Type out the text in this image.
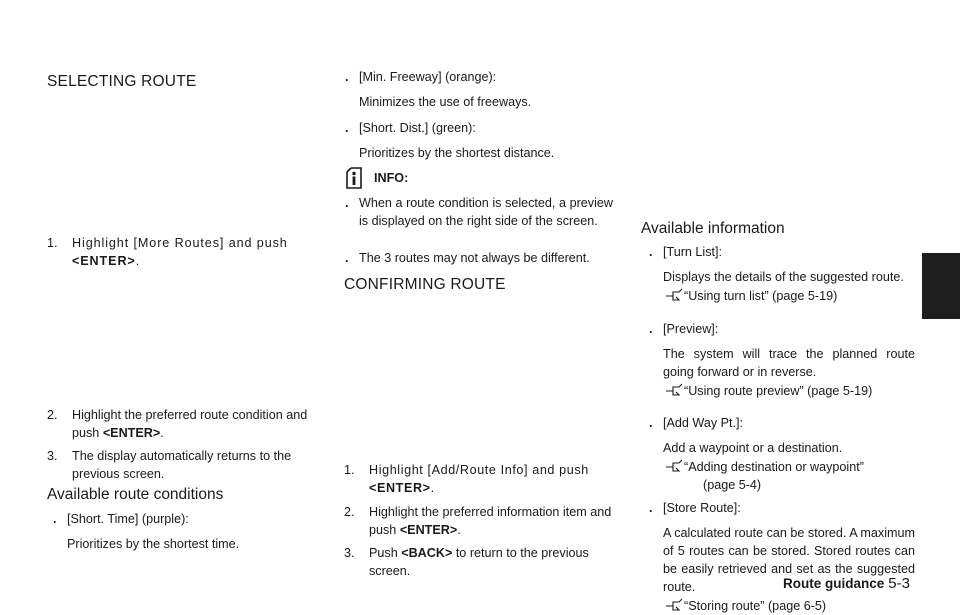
SELECTING ROUTE
1. Highlight [More Routes] and push <ENTER>.
2. Highlight the preferred route condition and push <ENTER>.
3. The display automatically returns to the previous screen.
Available route conditions
. [Short. Time] (purple):
Prioritizes by the shortest time.
. [Min. Freeway] (orange):
Minimizes the use of freeways.
. [Short. Dist.] (green):
Prioritizes by the shortest distance.
INFO:
. When a route condition is selected, a preview is displayed on the right side of the screen.
. The 3 routes may not always be different.
CONFIRMING ROUTE
1. Highlight [Add/Route Info] and push <ENTER>.
2. Highlight the preferred information item and push <ENTER>.
3. Push <BACK> to return to the previous screen.
Available information
. [Turn List]:
Displays the details of the suggested route.
“Using turn list” (page 5-19)
. [Preview]:
The system will trace the planned route going forward or in reverse.
“Using route preview” (page 5-19)
. [Add Way Pt.]:
Add a waypoint or a destination.
“Adding destination or waypoint”
(page 5-4)
. [Store Route]:
A calculated route can be stored. A maximum of 5 routes can be stored. Stored routes can be easily retrieved and set as the suggested route.
“Storing route” (page 6-5)
Route guidance 5-3
